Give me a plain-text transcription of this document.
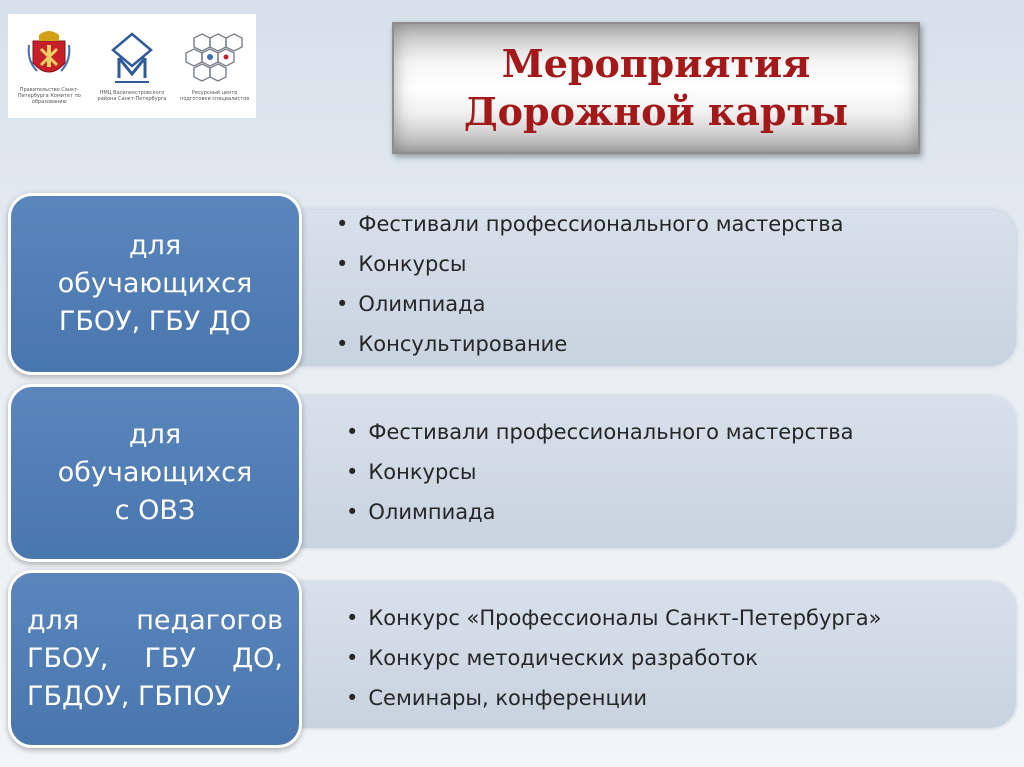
Правительство Санкт-Петербурга Комитет по образованию
НМЦ Василеостровского района Санкт-Петербурга
Ресурсный центр подготовки специалистов
Мероприятия
Дорожной карты
для
обучающихся
ГБОУ, ГБУ ДО
• Фестивали профессионального мастерства
• Конкурсы
• Олимпиада
• Консультирование
для
обучающихся
с ОВЗ
• Фестивали профессионального мастерства
• Конкурсы
• Олимпиада
для педагогов
ГБОУ, ГБУ ДО,
ГБДОУ, ГБПОУ
• Конкурс «Профессионалы Санкт-Петербурга»
• Конкурс методических разработок
• Семинары, конференции
